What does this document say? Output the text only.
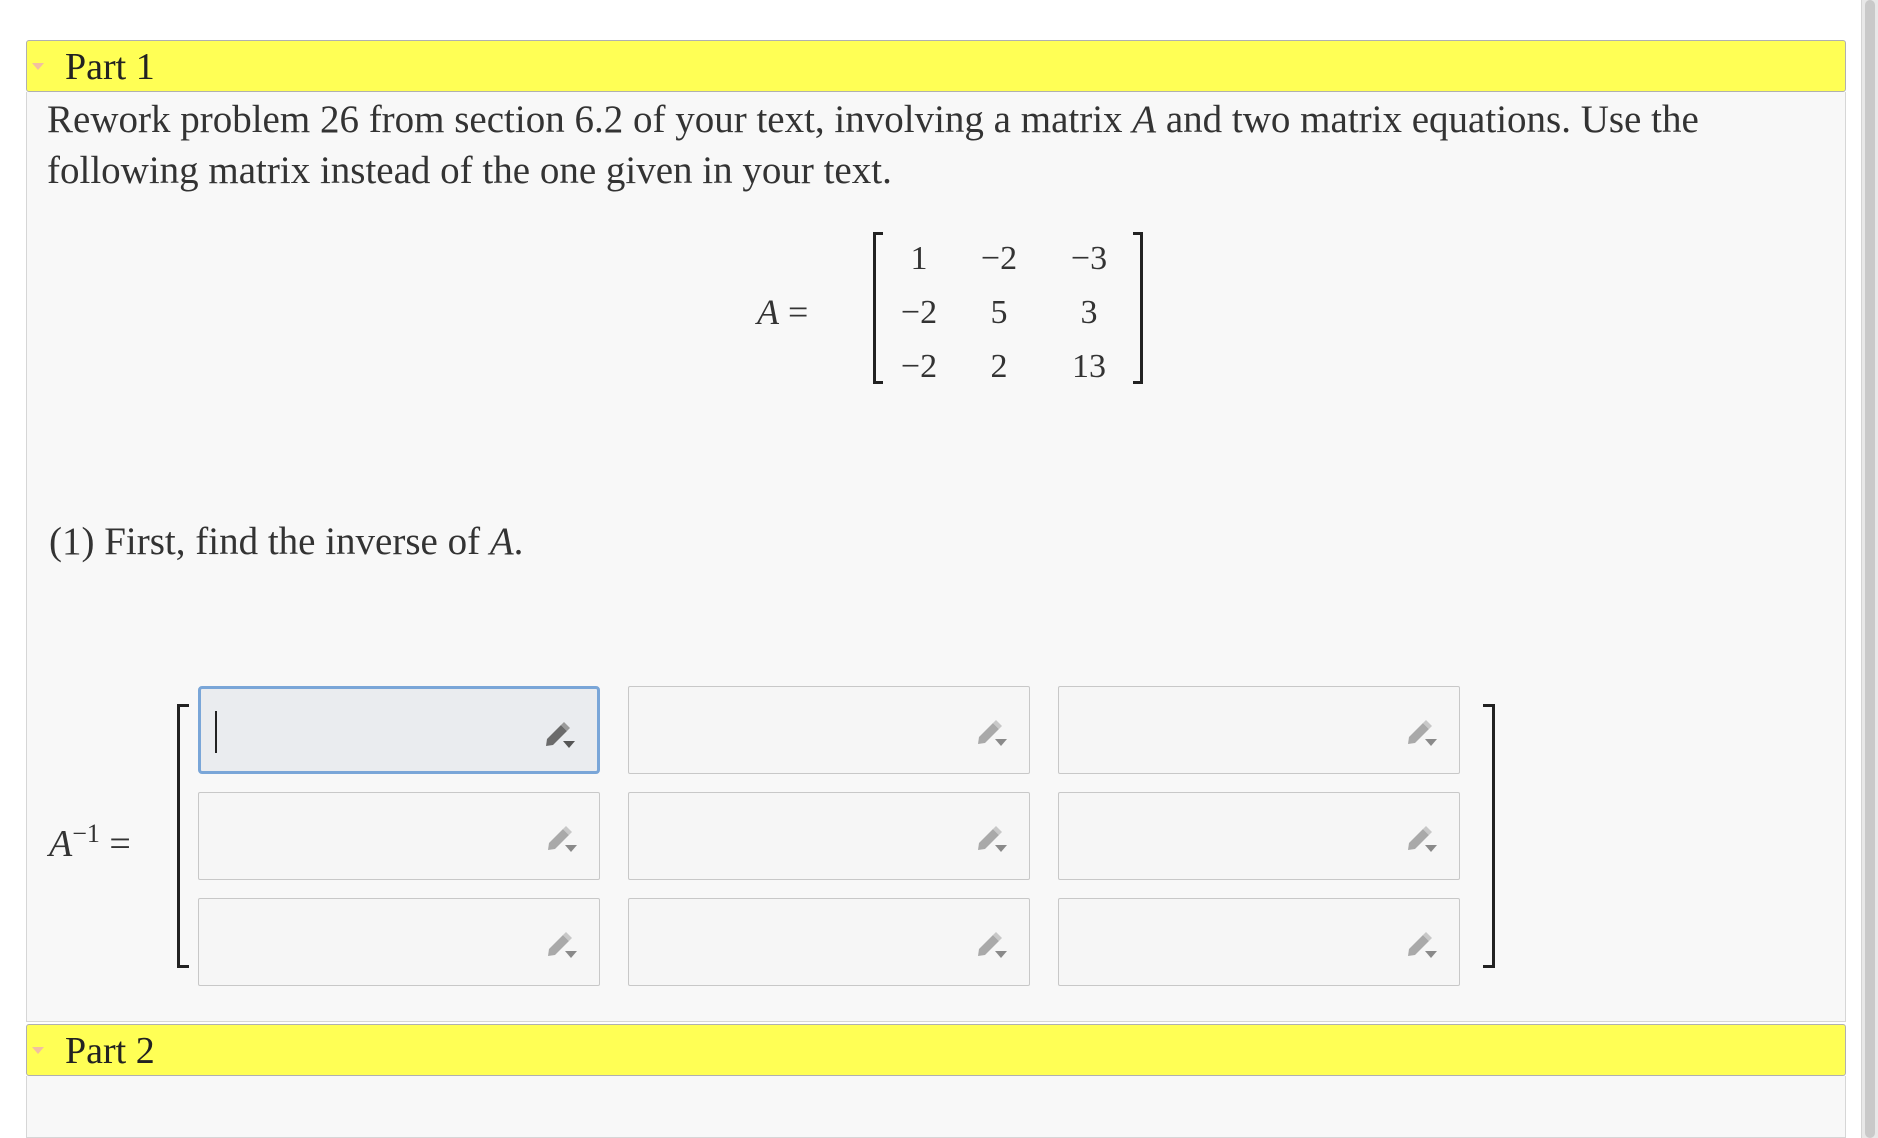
Part 1
Rework problem 26 from section 6.2 of your text, involving a matrix A and two matrix equations. Use the following matrix instead of the one given in your text.
A =
1	−2	−3
−2	5	3
−2	2	13
(1) First, find the inverse of A.
$A^{-1}$ =
Part 2
